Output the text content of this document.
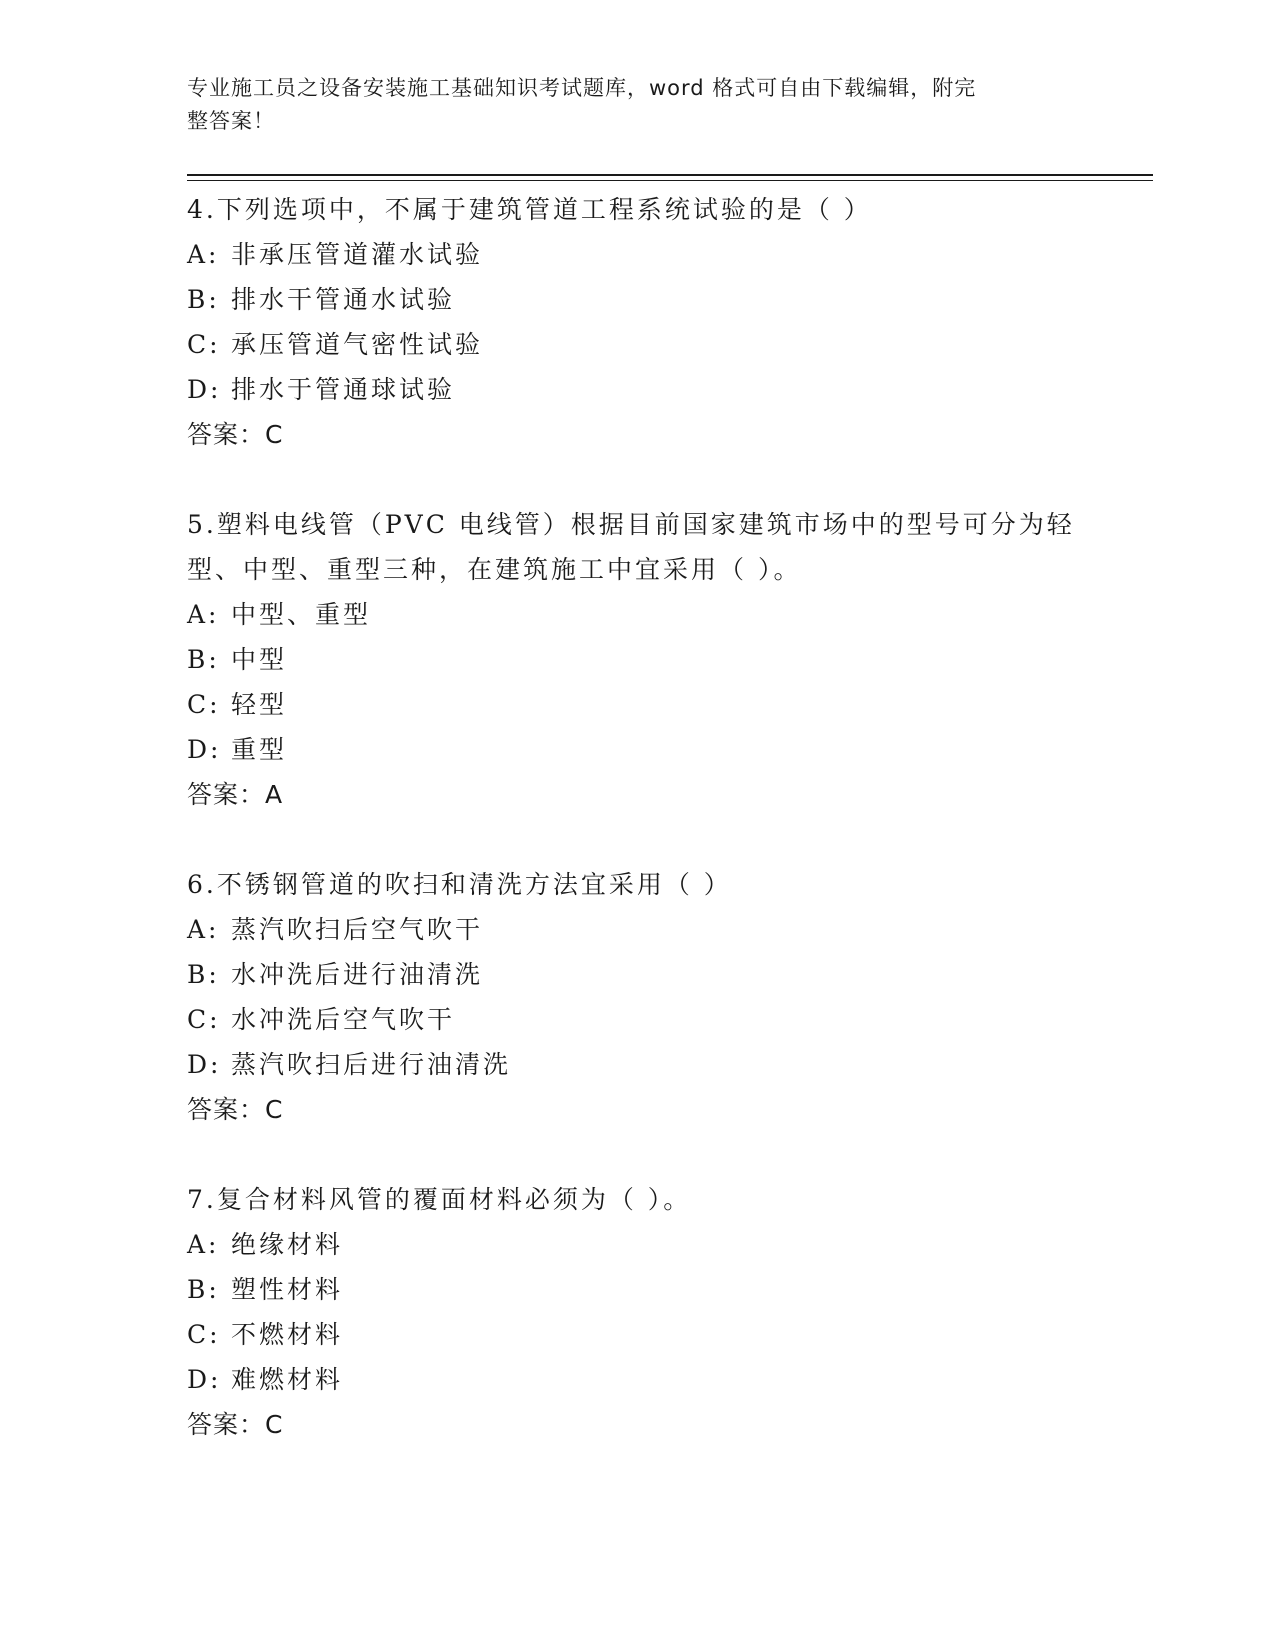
专业施工员之设备安装施工基础知识考试题库，word 格式可自由下载编辑，附完
整答案！
4.下列选项中，不属于建筑管道工程系统试验的是（ ）
A: 非承压管道灌水试验
B: 排水干管通水试验
C: 承压管道气密性试验
D: 排水于管通球试验
答案：C
5.塑料电线管（PVC 电线管）根据目前国家建筑市场中的型号可分为轻型、中型、重型三种，在建筑施工中宜采用（ ）。
A: 中型、重型
B: 中型
C: 轻型
D: 重型
答案：A
6.不锈钢管道的吹扫和清洗方法宜采用（ ）
A: 蒸汽吹扫后空气吹干
B: 水冲洗后进行油清洗
C: 水冲洗后空气吹干
D: 蒸汽吹扫后进行油清洗
答案：C
7.复合材料风管的覆面材料必须为（ ）。
A: 绝缘材料
B: 塑性材料
C: 不燃材料
D: 难燃材料
答案：C
